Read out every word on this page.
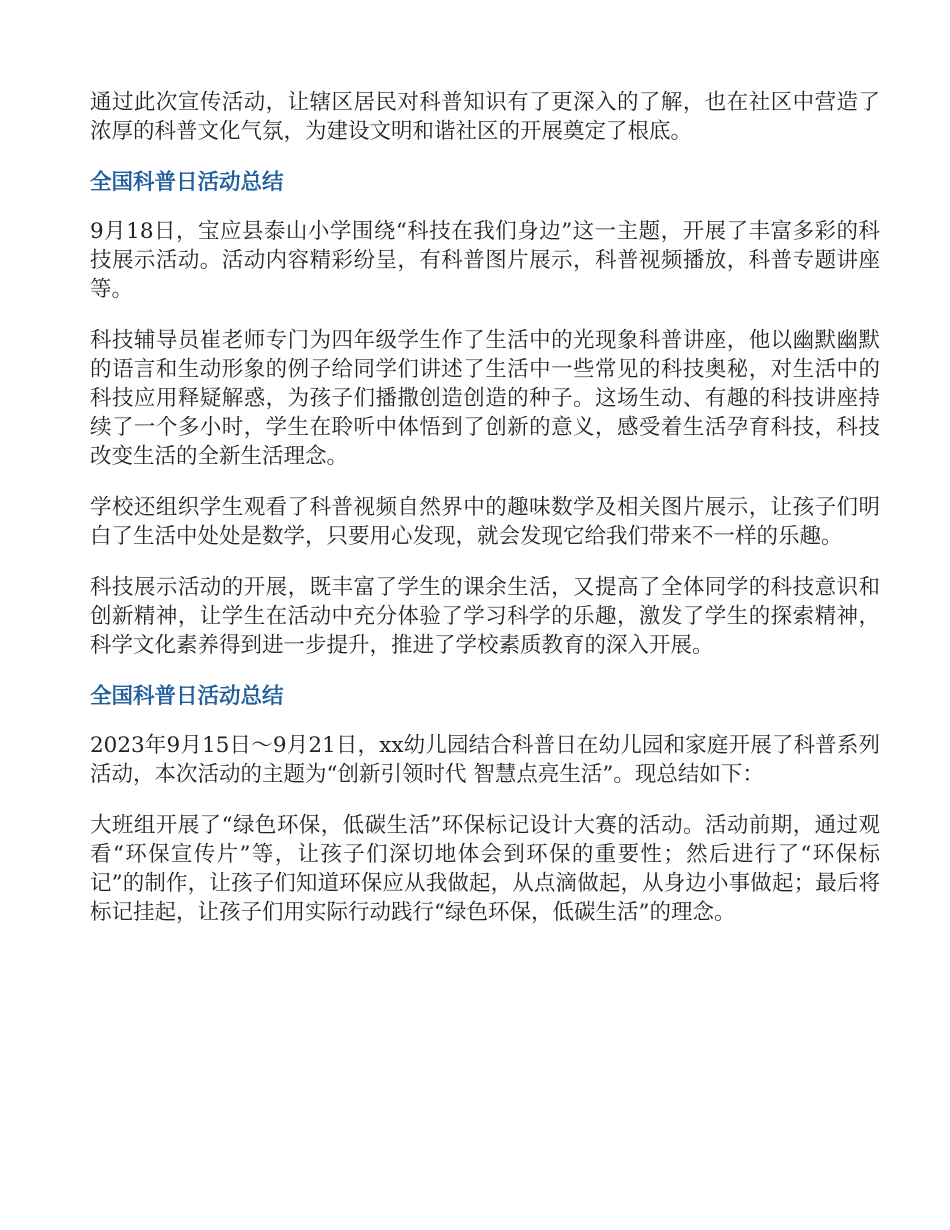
通过此次宣传活动，让辖区居民对科普知识有了更深入的了解，也在社区中营造了浓厚的科普文化气氛，为建设文明和谐社区的开展奠定了根底。

全国科普日活动总结

9月18日，宝应县泰山小学围绕“科技在我们身边”这一主题，开展了丰富多彩的科技展示活动。活动内容精彩纷呈，有科普图片展示，科普视频播放，科普专题讲座等。

科技辅导员崔老师专门为四年级学生作了生活中的光现象科普讲座，他以幽默幽默的语言和生动形象的例子给同学们讲述了生活中一些常见的科技奥秘，对生活中的科技应用释疑解惑，为孩子们播撒创造创造的种子。这场生动、有趣的科技讲座持续了一个多小时，学生在聆听中体悟到了创新的意义，感受着生活孕育科技，科技改变生活的全新生活理念。

学校还组织学生观看了科普视频自然界中的趣味数学及相关图片展示，让孩子们明白了生活中处处是数学，只要用心发现，就会发现它给我们带来不一样的乐趣。

科技展示活动的开展，既丰富了学生的课余生活，又提高了全体同学的科技意识和创新精神，让学生在活动中充分体验了学习科学的乐趣，激发了学生的探索精神，科学文化素养得到进一步提升，推进了学校素质教育的深入开展。

全国科普日活动总结

2023年9月15日～9月21日，xx幼儿园结合科普日在幼儿园和家庭开展了科普系列活动，本次活动的主题为“创新引领时代 智慧点亮生活”。现总结如下：

大班组开展了“绿色环保，低碳生活”环保标记设计大赛的活动。活动前期，通过观看“环保宣传片”等，让孩子们深切地体会到环保的重要性；然后进行了“环保标记”的制作，让孩子们知道环保应从我做起，从点滴做起，从身边小事做起；最后将标记挂起，让孩子们用实际行动践行“绿色环保，低碳生活”的理念。
